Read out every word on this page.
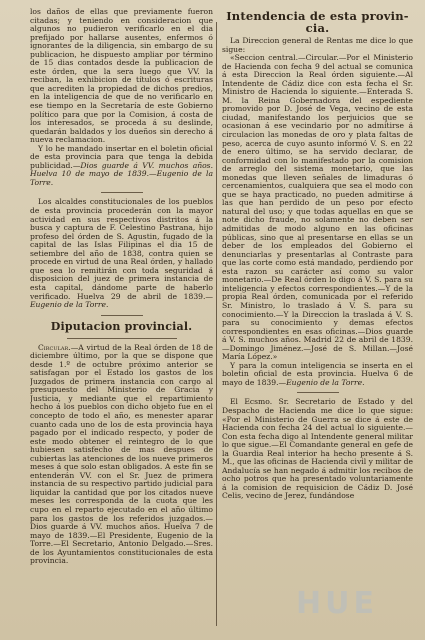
los daños de ellas que previamente fueron citadas; y teniendo en consideracion que algunos no pudieron verificarlo en el dia prefijado por hallarse ausentes, enfermos ó ignorantes de la diligencia, sin embargo de su publicacion, he dispuesto ampliar por término de 15 dias contados desde la publicacion de este órden, que la sera luego que VV. la reciban, la exhibicion de títulos ó escrituras que acrediten la propiedad de dichos predios, en la inteligencia de que de no verificarlo en ese tiempo en la Secretaría de este Gobierno político para que por la Comision, á costa de los interesados, se proceda á su deslinde, quedarán baldados y los dueños sin derecho á nueva reclamacion.

Y lo he mandado insertar en el boletin oficial de esta provincia para que tenga la debida publicidad.—Dios guarde á VV. muchos años. Huelva 10 de mayo de 1839.—Eugenio de la Torre.

Los alcaldes constitucionales de los pueblos de esta provincia procederán con la mayor actividad en sus respectivos distritos á la busca y captura de F. Celestino Pastrana, hijo profeso del órden de S. Agustin, fugado de la capital de las Islas Filipinas el dia 15 de setiembre del año de 1838, contra quien se procede en virtud de una Real órden, y hallado que sea lo remitirán con toda seguridad á disposicion del juez de primera instancia de esta capital, dándome parte de haberlo verificado. Huelva 29 de abril de 1839.—Eugenio de la Torre.

Diputacion provincial.

Circular.—A virtud de la Real órden de 18 de diciembre último, por la que se dispone que desde 1.º de octubre próximo anterior se satisfagan por el Estado los gastos de los Juzgados de primera instancia con cargo al presupuesto del Ministerio de Gracia y Justicia, y mediante que el repartimiento hecho á los pueblos con dicho objeto fue en el concepto de todo el año, es menester aparar cuanto cada uno de los de esta provincia haya pagado por el indicado respecto, y poder de este modo obtener el reintegro de lo que hubiesen satisfecho de mas despues de cubiertas las atenciones de los nueve primeros meses á que solo estan obligados. A este fin se entenderán VV. con el Sr. Juez de primera instancia de su respectivo partido judicial para liquidar la cantidad que por los citados nueve meses les corresponda de la cuota que les cupo en el reparto ejecutado en el año último para los gastos de los referidos juzgados.—Dios guarde á VV. muchos años. Huelva 7 de mayo de 1839.—El Presidente, Eugenio de la Torre.—El Secretario, Antonio Delgado.—Sres. de los Ayuntamientos constitucionales de esta provincia.

Intendencia de esta provin-
cia.

La Direccion general de Rentas me dice lo que sigue:

«Seccion central.—Circular.—Por el Ministerio de Hacienda con fecha 9 del actual se comunica á esta Direccion la Real órden siguiente.—Al Intendente de Cádiz dice con esta fecha el Sr. Ministro de Hacienda lo siguiente.—Enterada S. M. la Reina Gobernadora del espediente promovido por D. José de Vega, vecino de esta ciudad, manifestando los perjuicios que se ocasionan á ese vecindario por no admitirse á circulacion las monedas de oro y plata faltas de peso, acerca de cuyo asunto informó V. S. en 22 de enero último, se ha servido declarar, de conformidad con lo manifestado por la comision de arreglo del sistema monetario, que las monedas que lleven señales de limaduras ó cercenamientos, cualquiera que sea el modo con que se haya practicado, no pueden admitirse á las que han perdido de un peso por efecto natural del uso; y que todas aquellas en que se note dicho fraude, no solamente no deben ser admitidas de modo alguno en las oficinas públicas, sino que al presentarse en ellas se un deber de los empleados del Gobierno el denunciarlas y presentarlas al Contraste para que las corte como está mandado, perdiendo por esta razon su carácter así como su valor monetario.—De Real órden lo digo á V. S. para su inteligencia y efectos correspondientes.—Y de la propia Real órden, comunicada por el referido Sr. Ministro, lo traslado á V. S. para su conocimiento.—Y la Direccion la traslada á V. S. para su conocimiento y demas efectos correspondientes en esas oficinas.—Dios guarde á V. S. muchos años. Madrid 22 de abril de 1839.—Domingo Jiménez.—José de S. Millan.—José María López.»

Y para la comun inteligencia se inserta en el boletin oficial de esta provincia. Huelva 6 de mayo de 1839.—Eugenio de la Torre.

El Ecsmo. Sr. Secretario de Estado y del Despacho de Hacienda me dice lo que sigue: «Por el Ministerio de Guerra se dice á este de Hacienda con fecha 24 del actual lo siguiente.—Con esta fecha digo al Intendente general militar lo que sigue.—El Comandante general en gefe de la Guardia Real interior ha hecho presente á S. M., que las oficinas de Hacienda civil y militar de Andalucía se han negado á admitir los recibos de ocho potros que ha presentado voluntariamente á la comision de requisicion de Cádiz D. José Celis, vecino de Jerez, fundándose

HUE
